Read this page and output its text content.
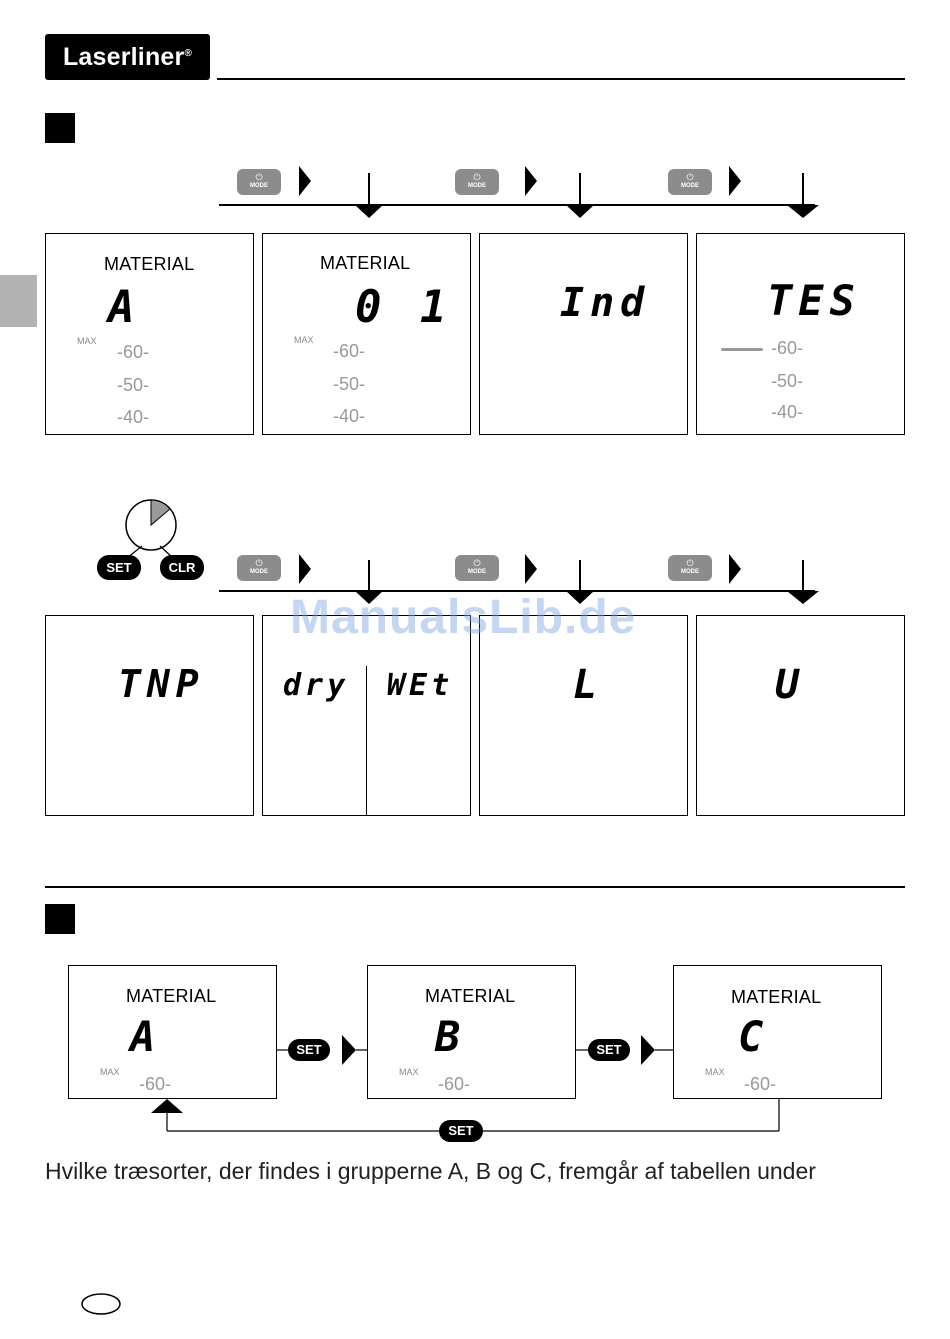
Laserliner®
⏻
MODE
⏻
MODE
⏻
MODE
⏻
MODE
⏻
MODE
⏻
MODE
SET	CLR
MATERIAL
A
MAX
-60-
-50-
-40-
MATERIAL
0 1
MAX
-60-
-50-
-40-
Ind	TES
-60-
-50-
-40-
TNP	dry WEt	L	U
ManualsLib.de
MATERIAL
A
MAX
-60-
MATERIAL
B
MAX
-60-
MATERIAL
C
MAX
-60-
SET	SET
SET
Hvilke træsorter, der findes i grupperne A, B og C, fremgår af tabellen under
